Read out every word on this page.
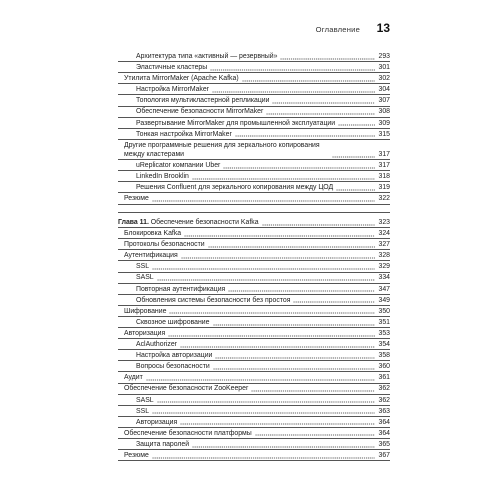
Оглавление 13
Архитектура типа «активный — резервный»	293
Эластичные кластеры	301
Утилита MirrorMaker (Apache Kafka)	302
Настройка MirrorMaker	304
Топология мультикластерной репликации	307
Обеспечение безопасности MirrorMaker	308
Развертывание MirrorMaker для промышленной эксплуатации	309
Тонкая настройка MirrorMaker	315
Другие программные решения для зеркального копирования между кластерами	317
uReplicator компании Uber	317
LinkedIn Brooklin	318
Решения Confluent для зеркального копирования между ЦОД	319
Резюме	322
Глава 11. Обеспечение безопасности Kafka	323
Блокировка Kafka	324
Протоколы безопасности	327
Аутентификация	328
SSL	329
SASL	334
Повторная аутентификация	347
Обновления системы безопасности без простоя	349
Шифрование	350
Сквозное шифрование	351
Авторизация	353
AclAuthorizer	354
Настройка авторизации	358
Вопросы безопасности	360
Аудит	361
Обеспечение безопасности ZooKeeper	362
SASL	362
SSL	363
Авторизация	364
Обеспечение безопасности платформы	364
Защита паролей	365
Резюме	367
